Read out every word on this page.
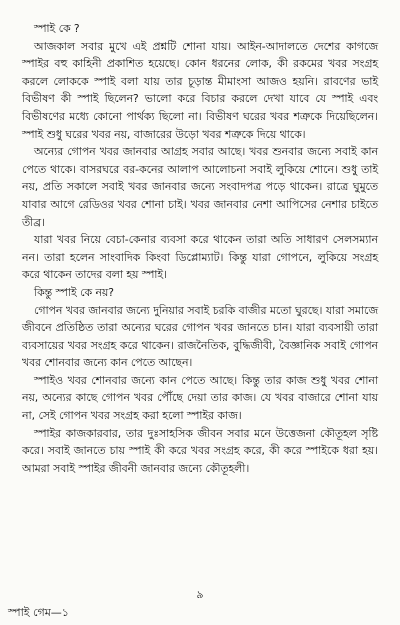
স্পাই কে ?

আজকাল সবার মুখে এই প্রশ্নটি শোনা যায়। আইন-আদালতে দেশের কাগজে স্পাইর বহু কাহিনী প্রকাশিত হয়েছে। কোন ধরনের লোক, কী রকমের খবর সংগ্রহ করলে লোককে স্পাই বলা যায় তার চূড়ান্ত মীমাংসা আজও হয়নি। রাবণের ভাই বিভীষণ কী স্পাই ছিলেন? ভালো করে বিচার করলে দেখা যাবে যে স্পাই এবং বিভীষণের মধ্যে কোনো পার্থক্য ছিলো না। বিভীষণ ঘরের খবর শত্রুকে দিয়েছিলেন। স্পাই শুধু ঘরের খবর নয়, বাজারের উড়ো খবর শত্রুকে দিয়ে থাকে।

অন্যের গোপন খবর জানবার আগ্রহ সবার আছে। খবর শুনবার জন্যে সবাই কান পেতে থাকে। বাসরঘরে বর-কনের আলাপ আলোচনা সবাই লুকিয়ে শোনে। শুধু তাই নয়, প্রতি সকালে সবাই খবর জানবার জন্যে সংবাদপত্র পড়ে থাকেন। রাত্রে ঘুমুতে যাবার আগে রেডিওর খবর শোনা চাই। খবর জানবার নেশা আপিসের নেশার চাইতে তীব্র।

যারা খবর নিয়ে বেচা-কেনার ব্যবসা করে থাকেন তারা অতি সাধারণ সেলসম্যান নন। তারা হলেন সাংবাদিক কিংবা ডিপ্লোম্যাট। কিন্তু যারা গোপনে, লুকিয়ে সংগ্রহ করে থাকেন তাদের বলা হয় স্পাই।

কিন্তু স্পাই কে নয়?

গোপন খবর জানবার জন্যে দুনিয়ার সবাই চরকি বাজীর মতো ঘুরছে। যারা সমাজে জীবনে প্রতিষ্ঠিত তারা অন্যের ঘরের গোপন খবর জানতে চান। যারা ব্যবসায়ী তারা ব্যবসায়ের খবর সংগ্রহ করে থাকেন। রাজনৈতিক, বুদ্ধিজীবী, বৈজ্ঞানিক সবাই গোপন খবর শোনবার জন্যে কান পেতে আছেন।

স্পাইও খবর শোনবার জন্যে কান পেতে আছে। কিন্তু তার কাজ শুধু খবর শোনা নয়, অন্যের কাছে গোপন খবর পৌঁছে দেয়া তার কাজ। যে খবর বাজারে শোনা যায় না, সেই গোপন খবর সংগ্রহ করা হলো স্পাইর কাজ।

স্পাইর কাজকারবার, তার দুঃসাহসিক জীবন সবার মনে উত্তেজনা কৌতূহল সৃষ্টি করে। সবাই জানতে চায় স্পাই কী করে খবর সংগ্রহ করে, কী করে স্পাইকে ধরা হয়। আমরা সবাই স্পাইর জীবনী জানবার জন্যে কৌতূহলী।

৯
স্পাই গেম—১
